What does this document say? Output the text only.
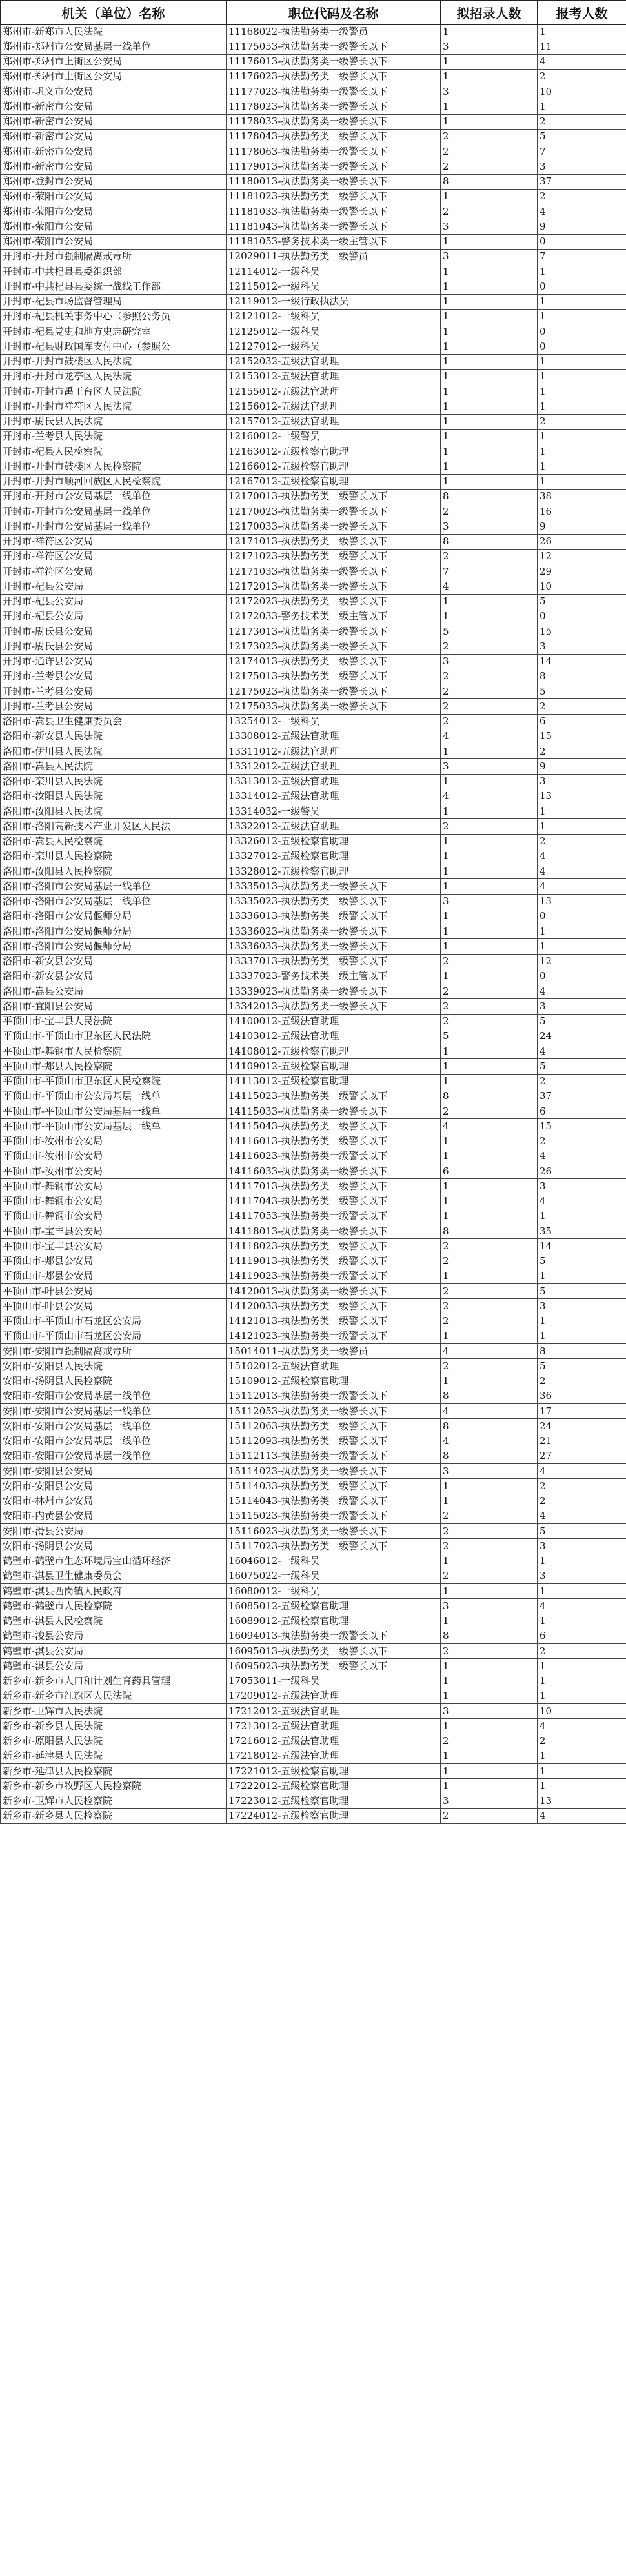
机关（单位）名称	职位代码及名称	拟招录人数	报考人数
郑州市-新郑市人民法院	11168022-执法勤务类一级警员	1	1
郑州市-郑州市公安局基层一线单位	11175053-执法勤务类一级警长以下	3	11
郑州市-郑州市上街区公安局	11176013-执法勤务类一级警长以下	1	4
郑州市-郑州市上街区公安局	11176023-执法勤务类一级警长以下	1	2
郑州市-巩义市公安局	11177023-执法勤务类一级警长以下	3	10
郑州市-新密市公安局	11178023-执法勤务类一级警长以下	1	1
郑州市-新密市公安局	11178033-执法勤务类一级警长以下	1	2
郑州市-新密市公安局	11178043-执法勤务类一级警长以下	2	5
郑州市-新密市公安局	11178063-执法勤务类一级警长以下	2	7
郑州市-新密市公安局	11179013-执法勤务类一级警长以下	2	3
郑州市-登封市公安局	11180013-执法勤务类一级警长以下	8	37
郑州市-荥阳市公安局	11181023-执法勤务类一级警长以下	1	2
郑州市-荥阳市公安局	11181033-执法勤务类一级警长以下	2	4
郑州市-荥阳市公安局	11181043-执法勤务类一级警长以下	3	9
郑州市-荥阳市公安局	11181053-警务技术类一级主管以下	1	0
开封市-开封市强制隔离戒毒所	12029011-执法勤务类一级警员	3	7
开封市-中共杞县县委组织部	12114012-一级科员	1	1
开封市-中共杞县县委统一战线工作部	12115012-一级科员	1	0
开封市-杞县市场监督管理局	12119012-一级行政执法员	1	1
开封市-杞县机关事务中心（参照公务员	12121012-一级科员	1	1
开封市-杞县党史和地方史志研究室	12125012-一级科员	1	0
开封市-杞县财政国库支付中心（参照公	12127012-一级科员	1	0
开封市-开封市鼓楼区人民法院	12152032-五级法官助理	1	1
开封市-开封市龙亭区人民法院	12153012-五级法官助理	1	1
开封市-开封市禹王台区人民法院	12155012-五级法官助理	1	1
开封市-开封市祥符区人民法院	12156012-五级法官助理	1	1
开封市-尉氏县人民法院	12157012-五级法官助理	1	2
开封市-兰考县人民法院	12160012-一级警员	1	1
开封市-杞县人民检察院	12163012-五级检察官助理	1	1
开封市-开封市鼓楼区人民检察院	12166012-五级检察官助理	1	1
开封市-开封市顺河回族区人民检察院	12167012-五级检察官助理	1	1
开封市-开封市公安局基层一线单位	12170013-执法勤务类一级警长以下	8	38
开封市-开封市公安局基层一线单位	12170023-执法勤务类一级警长以下	2	16
开封市-开封市公安局基层一线单位	12170033-执法勤务类一级警长以下	3	9
开封市-祥符区公安局	12171013-执法勤务类一级警长以下	8	26
开封市-祥符区公安局	12171023-执法勤务类一级警长以下	2	12
开封市-祥符区公安局	12171033-执法勤务类一级警长以下	7	29
开封市-杞县公安局	12172013-执法勤务类一级警长以下	4	10
开封市-杞县公安局	12172023-执法勤务类一级警长以下	1	5
开封市-杞县公安局	12172033-警务技术类一级主管以下	1	0
开封市-尉氏县公安局	12173013-执法勤务类一级警长以下	5	15
开封市-尉氏县公安局	12173023-执法勤务类一级警长以下	2	3
开封市-通许县公安局	12174013-执法勤务类一级警长以下	3	14
开封市-兰考县公安局	12175013-执法勤务类一级警长以下	2	8
开封市-兰考县公安局	12175023-执法勤务类一级警长以下	2	5
开封市-兰考县公安局	12175033-执法勤务类一级警长以下	2	2
洛阳市-嵩县卫生健康委员会	13254012-一级科员	2	6
洛阳市-新安县人民法院	13308012-五级法官助理	4	15
洛阳市-伊川县人民法院	13311012-五级法官助理	1	2
洛阳市-嵩县人民法院	13312012-五级法官助理	3	9
洛阳市-栾川县人民法院	13313012-五级法官助理	1	3
洛阳市-汝阳县人民法院	13314012-五级法官助理	4	13
洛阳市-汝阳县人民法院	13314032-一级警员	1	1
洛阳市-洛阳高新技术产业开发区人民法	13322012-五级法官助理	2	1
洛阳市-嵩县人民检察院	13326012-五级检察官助理	1	2
洛阳市-栾川县人民检察院	13327012-五级检察官助理	1	4
洛阳市-汝阳县人民检察院	13328012-五级检察官助理	1	4
洛阳市-洛阳市公安局基层一线单位	13335013-执法勤务类一级警长以下	1	4
洛阳市-洛阳市公安局基层一线单位	13335023-执法勤务类一级警长以下	3	13
洛阳市-洛阳市公安局偃师分局	13336013-执法勤务类一级警长以下	1	0
洛阳市-洛阳市公安局偃师分局	13336023-执法勤务类一级警长以下	1	1
洛阳市-洛阳市公安局偃师分局	13336033-执法勤务类一级警长以下	1	1
洛阳市-新安县公安局	13337013-执法勤务类一级警长以下	2	12
洛阳市-新安县公安局	13337023-警务技术类一级主管以下	1	0
洛阳市-嵩县公安局	13339023-执法勤务类一级警长以下	2	4
洛阳市-宜阳县公安局	13342013-执法勤务类一级警长以下	2	3
平顶山市-宝丰县人民法院	14100012-五级法官助理	2	5
平顶山市-平顶山市卫东区人民法院	14103012-五级法官助理	5	24
平顶山市-舞钢市人民检察院	14108012-五级检察官助理	1	4
平顶山市-郏县人民检察院	14109012-五级检察官助理	1	5
平顶山市-平顶山市卫东区人民检察院	14113012-五级检察官助理	1	2
平顶山市-平顶山市公安局基层一线单	14115023-执法勤务类一级警长以下	8	37
平顶山市-平顶山市公安局基层一线单	14115033-执法勤务类一级警长以下	2	6
平顶山市-平顶山市公安局基层一线单	14115043-执法勤务类一级警长以下	4	15
平顶山市-汝州市公安局	14116013-执法勤务类一级警长以下	1	2
平顶山市-汝州市公安局	14116023-执法勤务类一级警长以下	1	4
平顶山市-汝州市公安局	14116033-执法勤务类一级警长以下	6	26
平顶山市-舞钢市公安局	14117013-执法勤务类一级警长以下	1	3
平顶山市-舞钢市公安局	14117043-执法勤务类一级警长以下	1	4
平顶山市-舞钢市公安局	14117053-执法勤务类一级警长以下	1	1
平顶山市-宝丰县公安局	14118013-执法勤务类一级警长以下	8	35
平顶山市-宝丰县公安局	14118023-执法勤务类一级警长以下	2	14
平顶山市-郏县公安局	14119013-执法勤务类一级警长以下	2	5
平顶山市-郏县公安局	14119023-执法勤务类一级警长以下	1	1
平顶山市-叶县公安局	14120013-执法勤务类一级警长以下	2	5
平顶山市-叶县公安局	14120033-执法勤务类一级警长以下	2	3
平顶山市-平顶山市石龙区公安局	14121013-执法勤务类一级警长以下	2	1
平顶山市-平顶山市石龙区公安局	14121023-执法勤务类一级警长以下	1	1
安阳市-安阳市强制隔离戒毒所	15014011-执法勤务类一级警员	4	8
安阳市-安阳县人民法院	15102012-五级法官助理	2	5
安阳市-汤阴县人民检察院	15109012-五级检察官助理	1	2
安阳市-安阳市公安局基层一线单位	15112013-执法勤务类一级警长以下	8	36
安阳市-安阳市公安局基层一线单位	15112053-执法勤务类一级警长以下	4	17
安阳市-安阳市公安局基层一线单位	15112063-执法勤务类一级警长以下	8	24
安阳市-安阳市公安局基层一线单位	15112093-执法勤务类一级警长以下	4	21
安阳市-安阳市公安局基层一线单位	15112113-执法勤务类一级警长以下	8	27
安阳市-安阳县公安局	15114023-执法勤务类一级警长以下	3	4
安阳市-安阳县公安局	15114033-执法勤务类一级警长以下	1	2
安阳市-林州市公安局	15114043-执法勤务类一级警长以下	1	2
安阳市-内黄县公安局	15115023-执法勤务类一级警长以下	2	4
安阳市-滑县公安局	15116023-执法勤务类一级警长以下	2	5
安阳市-汤阴县公安局	15117023-执法勤务类一级警长以下	2	3
鹤壁市-鹤壁市生态环境局宝山循环经济	16046012-一级科员	1	1
鹤壁市-淇县卫生健康委员会	16075022-一级科员	2	3
鹤壁市-淇县西岗镇人民政府	16080012-一级科员	1	1
鹤壁市-鹤壁市人民检察院	16085012-五级检察官助理	3	4
鹤壁市-淇县人民检察院	16089012-五级检察官助理	1	1
鹤壁市-浚县公安局	16094013-执法勤务类一级警长以下	8	6
鹤壁市-淇县公安局	16095013-执法勤务类一级警长以下	2	2
鹤壁市-淇县公安局	16095023-执法勤务类一级警长以下	1	1
新乡市-新乡市人口和计划生育药具管理	17053011-一级科员	1	1
新乡市-新乡市红旗区人民法院	17209012-五级法官助理	1	1
新乡市-卫辉市人民法院	17212012-五级法官助理	3	10
新乡市-新乡县人民法院	17213012-五级法官助理	1	4
新乡市-原阳县人民法院	17216012-五级法官助理	2	2
新乡市-延津县人民法院	17218012-五级法官助理	1	1
新乡市-延津县人民检察院	17221012-五级检察官助理	1	1
新乡市-新乡市牧野区人民检察院	17222012-五级检察官助理	1	1
新乡市-卫辉市人民检察院	17223012-五级检察官助理	3	13
新乡市-新乡县人民检察院	17224012-五级检察官助理	2	4
